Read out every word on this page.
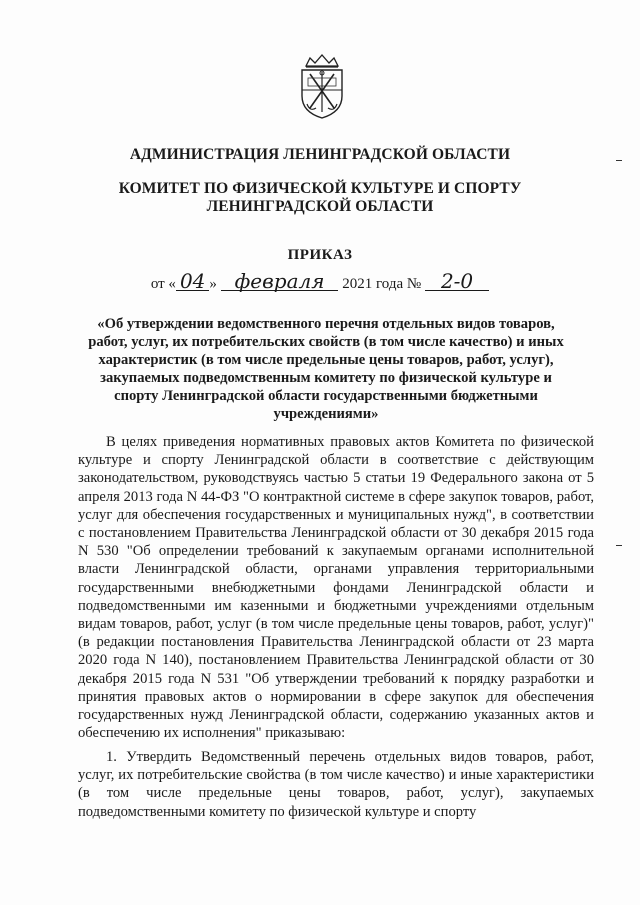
АДМИНИСТРАЦИЯ ЛЕНИНГРАДСКОЙ ОБЛАСТИ
КОМИТЕТ ПО ФИЗИЧЕСКОЙ КУЛЬТУРЕ И СПОРТУ
ЛЕНИНГРАДСКОЙ ОБЛАСТИ
ПРИКАЗ
от « 04 » февраля 2021 года № 2-0
«Об утверждении ведомственного перечня отдельных видов товаров, работ, услуг, их потребительских свойств (в том числе качество) и иных характеристик (в том числе предельные цены товаров, работ, услуг), закупаемых подведомственным комитету по физической культуре и спорту Ленинградской области государственными бюджетными учреждениями»
В целях приведения нормативных правовых актов Комитета по физической культуре и спорту Ленинградской области в соответствие с действующим законодательством, руководствуясь частью 5 статьи 19 Федерального закона от 5 апреля 2013 года N 44-ФЗ "О контрактной системе в сфере закупок товаров, работ, услуг для обеспечения государственных и муниципальных нужд", в соответствии с постановлением Правительства Ленинградской области от 30 декабря 2015 года N 530 "Об определении требований к закупаемым органами исполнительной власти Ленинградской области, органами управления территориальными государственными внебюджетными фондами Ленинградской области и подведомственными им казенными и бюджетными учреждениями отдельным видам товаров, работ, услуг (в том числе предельные цены товаров, работ, услуг)" (в редакции постановления Правительства Ленинградской области от 23 марта 2020 года N 140), постановлением Правительства Ленинградской области от 30 декабря 2015 года N 531 "Об утверждении требований к порядку разработки и принятия правовых актов о нормировании в сфере закупок для обеспечения государственных нужд Ленинградской области, содержанию указанных актов и обеспечению их исполнения" приказываю:
1. Утвердить Ведомственный перечень отдельных видов товаров, работ, услуг, их потребительские свойства (в том числе качество) и иные характеристики (в том числе предельные цены товаров, работ, услуг), закупаемых подведомственными комитету по физической культуре и спорту
